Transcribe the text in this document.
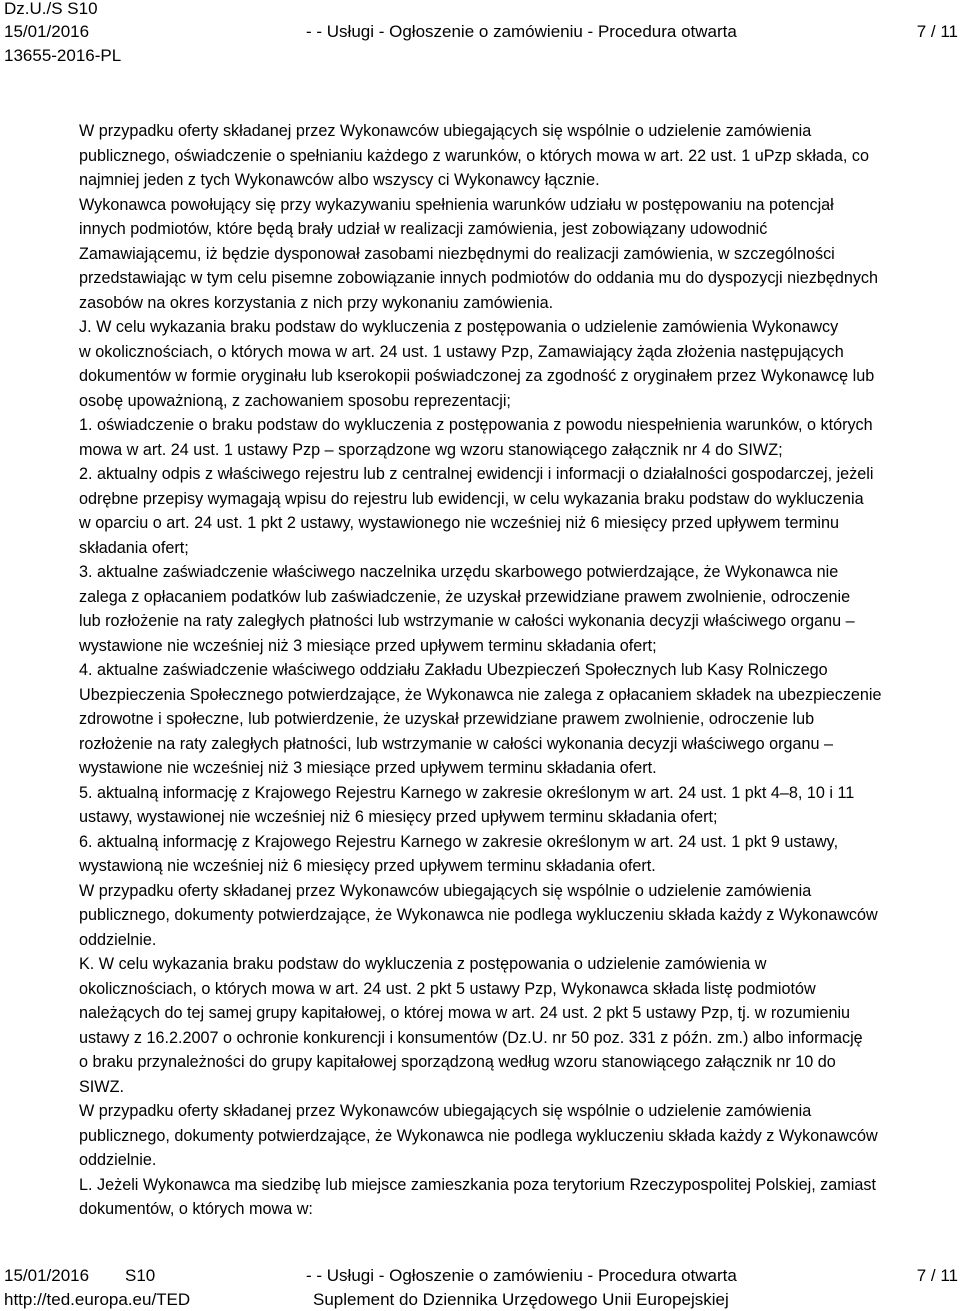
Dz.U./S S10
15/01/2016	- - Usługi - Ogłoszenie o zamówieniu - Procedura otwarta	7 / 11
13655-2016-PL

W przypadku oferty składanej przez Wykonawców ubiegających się wspólnie o udzielenie zamówienia

publicznego, oświadczenie o spełnianiu każdego z warunków, o których mowa w art. 22 ust. 1 uPzp składa, co

najmniej jeden z tych Wykonawców albo wszyscy ci Wykonawcy łącznie.

Wykonawca powołujący się przy wykazywaniu spełnienia warunków udziału w postępowaniu na potencjał

innych podmiotów, które będą brały udział w realizacji zamówienia, jest zobowiązany udowodnić

Zamawiającemu, iż będzie dysponował zasobami niezbędnymi do realizacji zamówienia, w szczególności

przedstawiając w tym celu pisemne zobowiązanie innych podmiotów do oddania mu do dyspozycji niezbędnych

zasobów na okres korzystania z nich przy wykonaniu zamówienia.

J. W celu wykazania braku podstaw do wykluczenia z postępowania o udzielenie zamówienia Wykonawcy

w okolicznościach, o których mowa w art. 24 ust. 1 ustawy Pzp, Zamawiający żąda złożenia następujących

dokumentów w formie oryginału lub kserokopii poświadczonej za zgodność z oryginałem przez Wykonawcę lub

osobę upoważnioną, z zachowaniem sposobu reprezentacji;

1. oświadczenie o braku podstaw do wykluczenia z postępowania z powodu niespełnienia warunków, o których

mowa w art. 24 ust. 1 ustawy Pzp – sporządzone wg wzoru stanowiącego załącznik nr 4 do SIWZ;

2. aktualny odpis z właściwego rejestru lub z centralnej ewidencji i informacji o działalności gospodarczej, jeżeli

odrębne przepisy wymagają wpisu do rejestru lub ewidencji, w celu wykazania braku podstaw do wykluczenia

w oparciu o art. 24 ust. 1 pkt 2 ustawy, wystawionego nie wcześniej niż 6 miesięcy przed upływem terminu

składania ofert;

3. aktualne zaświadczenie właściwego naczelnika urzędu skarbowego potwierdzające, że Wykonawca nie

zalega z opłacaniem podatków lub zaświadczenie, że uzyskał przewidziane prawem zwolnienie, odroczenie

lub rozłożenie na raty zaległych płatności lub wstrzymanie w całości wykonania decyzji właściwego organu –

wystawione nie wcześniej niż 3 miesiące przed upływem terminu składania ofert;

4. aktualne zaświadczenie właściwego oddziału Zakładu Ubezpieczeń Społecznych lub Kasy Rolniczego

Ubezpieczenia Społecznego potwierdzające, że Wykonawca nie zalega z opłacaniem składek na ubezpieczenie

zdrowotne i społeczne, lub potwierdzenie, że uzyskał przewidziane prawem zwolnienie, odroczenie lub

rozłożenie na raty zaległych płatności, lub wstrzymanie w całości wykonania decyzji właściwego organu –

wystawione nie wcześniej niż 3 miesiące przed upływem terminu składania ofert.

5. aktualną informację z Krajowego Rejestru Karnego w zakresie określonym w art. 24 ust. 1 pkt 4–8, 10 i 11

ustawy, wystawionej nie wcześniej niż 6 miesięcy przed upływem terminu składania ofert;

6. aktualną informację z Krajowego Rejestru Karnego w zakresie określonym w art. 24 ust. 1 pkt 9 ustawy,

wystawioną nie wcześniej niż 6 miesięcy przed upływem terminu składania ofert.

W przypadku oferty składanej przez Wykonawców ubiegających się wspólnie o udzielenie zamówienia

publicznego, dokumenty potwierdzające, że Wykonawca nie podlega wykluczeniu składa każdy z Wykonawców

oddzielnie.

K. W celu wykazania braku podstaw do wykluczenia z postępowania o udzielenie zamówienia w

okolicznościach, o których mowa w art. 24 ust. 2 pkt 5 ustawy Pzp, Wykonawca składa listę podmiotów

należących do tej samej grupy kapitałowej, o której mowa w art. 24 ust. 2 pkt 5 ustawy Pzp, tj. w rozumieniu

ustawy z 16.2.2007 o ochronie konkurencji i konsumentów (Dz.U. nr 50 poz. 331 z późn. zm.) albo informację

o braku przynależności do grupy kapitałowej sporządzoną według wzoru stanowiącego załącznik nr 10 do

SIWZ.

W przypadku oferty składanej przez Wykonawców ubiegających się wspólnie o udzielenie zamówienia

publicznego, dokumenty potwierdzające, że Wykonawca nie podlega wykluczeniu składa każdy z Wykonawców

oddzielnie.

L. Jeżeli Wykonawca ma siedzibę lub miejsce zamieszkania poza terytorium Rzeczypospolitej Polskiej, zamiast

dokumentów, o których mowa w:

15/01/2016 S10	- - Usługi - Ogłoszenie o zamówieniu - Procedura otwarta	7 / 11
http://ted.europa.eu/TED	Suplement do Dziennika Urzędowego Unii Europejskiej
